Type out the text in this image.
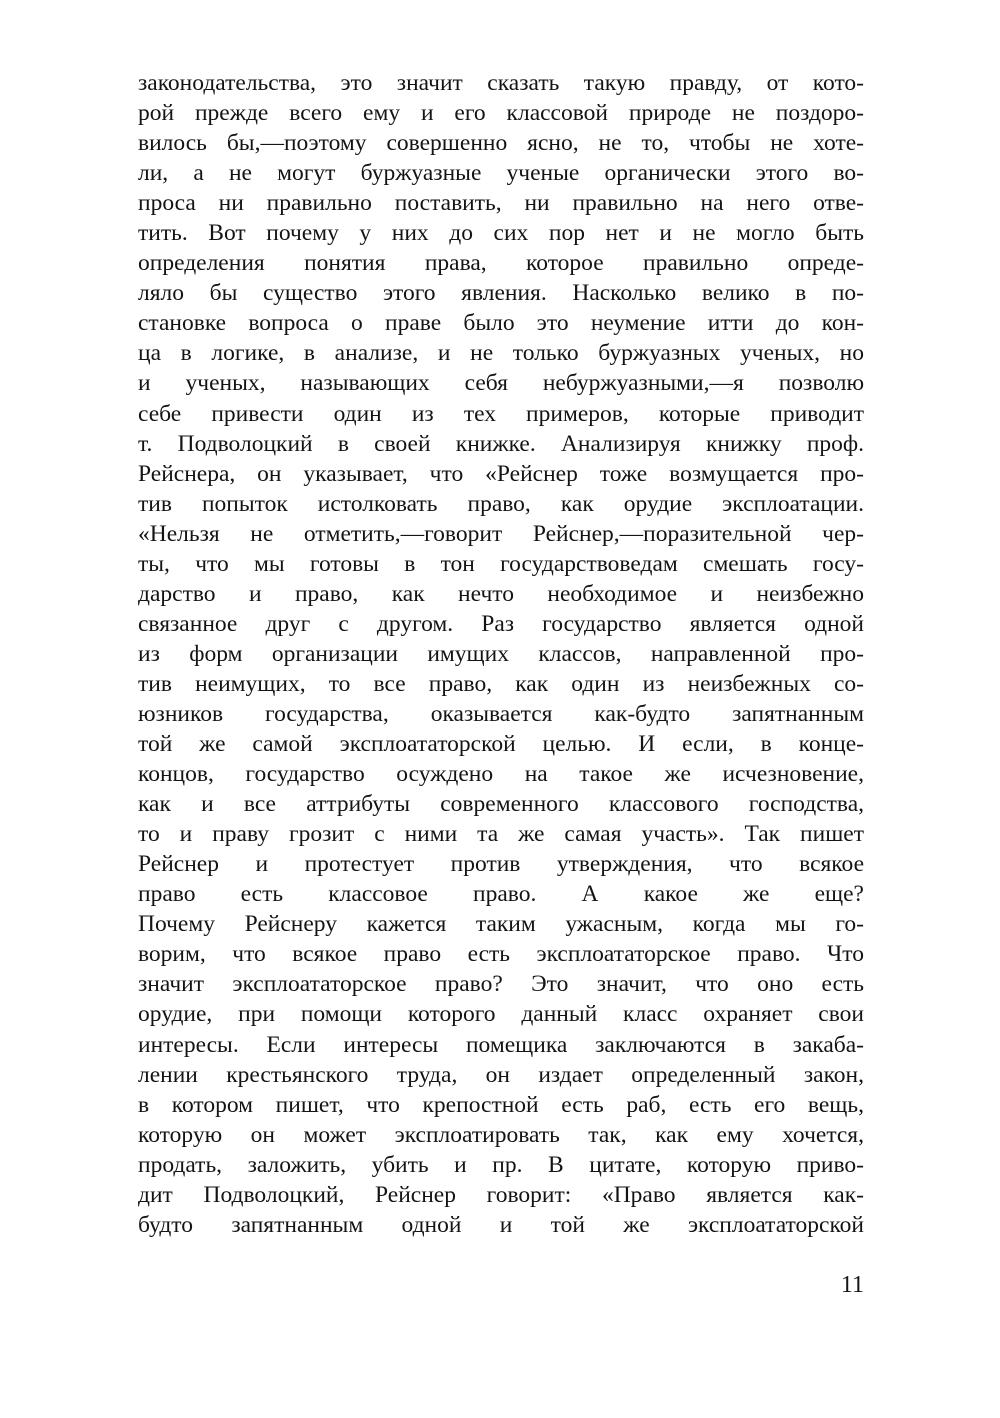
законодательства, это значит сказать такую правду, от кото-
рой прежде всего ему и его классовой природе не поздоро-
вилось бы,—поэтому совершенно ясно, не то, чтобы не хоте-
ли, а не могут буржуазные ученые органически этого во-
проса ни правильно поставить, ни правильно на него отве-
тить. Вот почему у них до сих пор нет и не могло быть
определения понятия права, которое правильно опреде-
ляло бы существо этого явления. Насколько велико в по-
становке вопроса о праве было это неумение итти до кон-
ца в логике, в анализе, и не только буржуазных ученых, но
и ученых, называющих себя небуржуазными,—я позволю
себе привести один из тех примеров, которые приводит
т. Подволоцкий в своей книжке. Анализируя книжку проф.
Рейснера, он указывает, что «Рейснер тоже возмущается про-
тив попыток истолковать право, как орудие эксплоатации.
«Нельзя не отметить,—говорит Рейснер,—поразительной чер-
ты, что мы готовы в тон государствоведам смешать госу-
дарство и право, как нечто необходимое и неизбежно
связанное друг с другом. Раз государство является одной
из форм организации имущих классов, направленной про-
тив неимущих, то все право, как один из неизбежных со-
юзников государства, оказывается как-будто запятнанным
той же самой эксплоататорской целью. И если, в конце-
концов, государство осуждено на такое же исчезновение,
как и все аттрибуты современного классового господства,
то и праву грозит с ними та же самая участь». Так пишет
Рейснер и протестует против утверждения, что всякое
право есть классовое право. А какое же еще?
Почему Рейснеру кажется таким ужасным, когда мы го-
ворим, что всякое право есть эксплоататорское право. Что
значит эксплоататорское право? Это значит, что оно есть
орудие, при помощи которого данный класс охраняет свои
интересы. Если интересы помещика заключаются в закаба-
лении крестьянского труда, он издает определенный закон,
в котором пишет, что крепостной есть раб, есть его вещь,
которую он может эксплоатировать так, как ему хочется,
продать, заложить, убить и пр. В цитате, которую приво-
дит Подволоцкий, Рейснер говорит: «Право является как-
будто запятнанным одной и той же эксплоататорской
11
